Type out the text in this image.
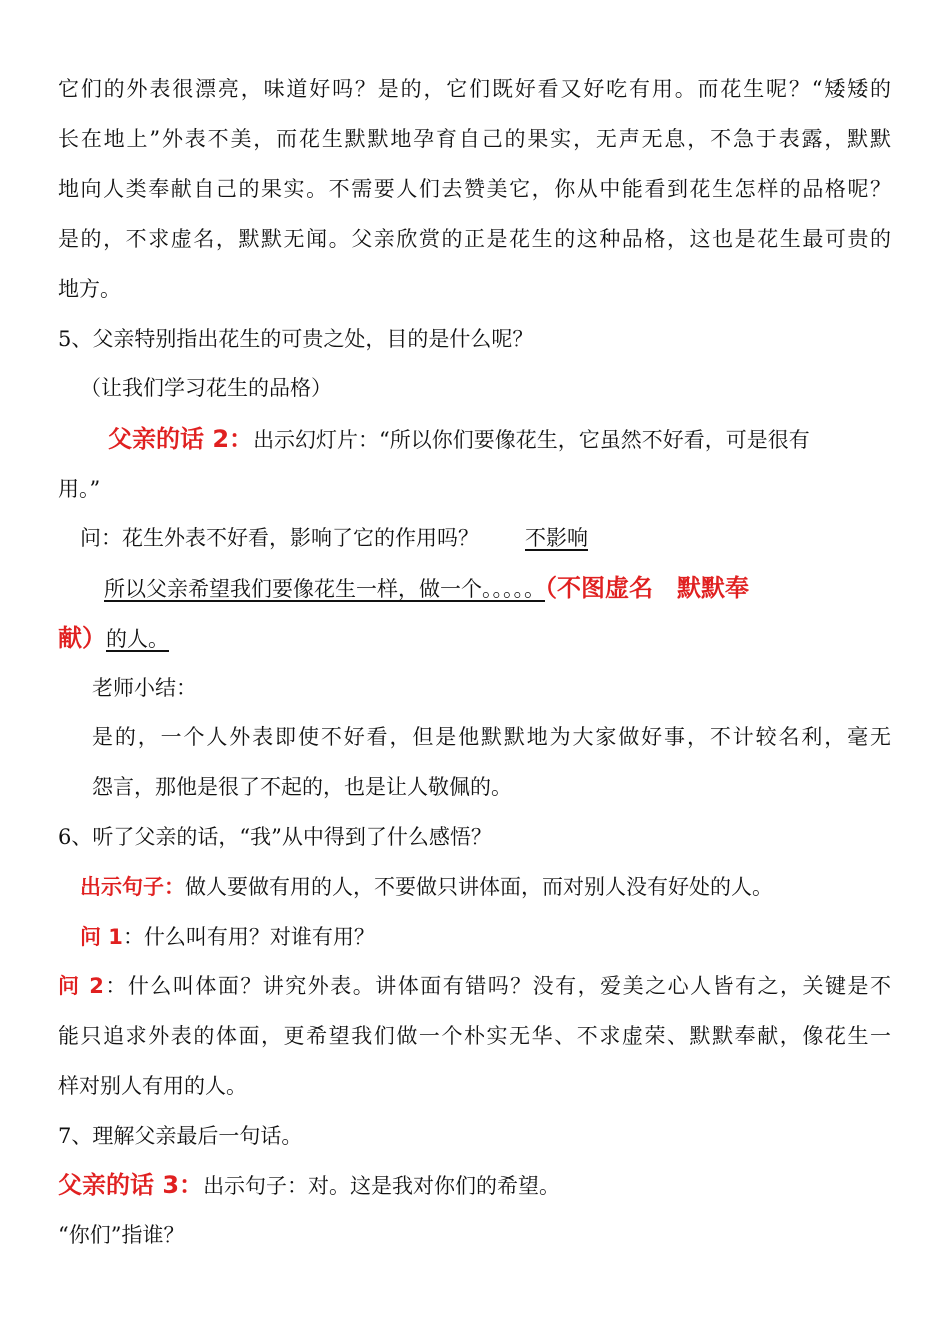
它们的外表很漂亮，味道好吗？是的，它们既好看又好吃有用。而花生呢？“矮矮的
长在地上”外表不美，而花生默默地孕育自己的果实，无声无息，不急于表露，默默
地向人类奉献自己的果实。不需要人们去赞美它，你从中能看到花生怎样的品格呢？
是的，不求虚名，默默无闻。父亲欣赏的正是花生的这种品格，这也是花生最可贵的
地方。
5、父亲特别指出花生的可贵之处，目的是什么呢？
（让我们学习花生的品格）
父亲的话 2：出示幻灯片：“所以你们要像花生，它虽然不好看，可是很有
用。”
问：花生外表不好看，影响了它的作用吗？ 不影响
所以父亲希望我们要像花生一样，做一个。。。。。（不图虚名　默默奉
献）的人。
老师小结：
是的，一个人外表即使不好看，但是他默默地为大家做好事，不计较名利，毫无
怨言，那他是很了不起的，也是让人敬佩的。
6、听了父亲的话，“我”从中得到了什么感悟？
出示句子：做人要做有用的人，不要做只讲体面，而对别人没有好处的人。
问 1：什么叫有用？对谁有用？
问 2：什么叫体面？讲究外表。讲体面有错吗？没有，爱美之心人皆有之，关键是不
能只追求外表的体面，更希望我们做一个朴实无华、不求虚荣、默默奉献，像花生一
样对别人有用的人。
7、理解父亲最后一句话。
父亲的话 3：出示句子：对。这是我对你们的希望。
“你们”指谁？
